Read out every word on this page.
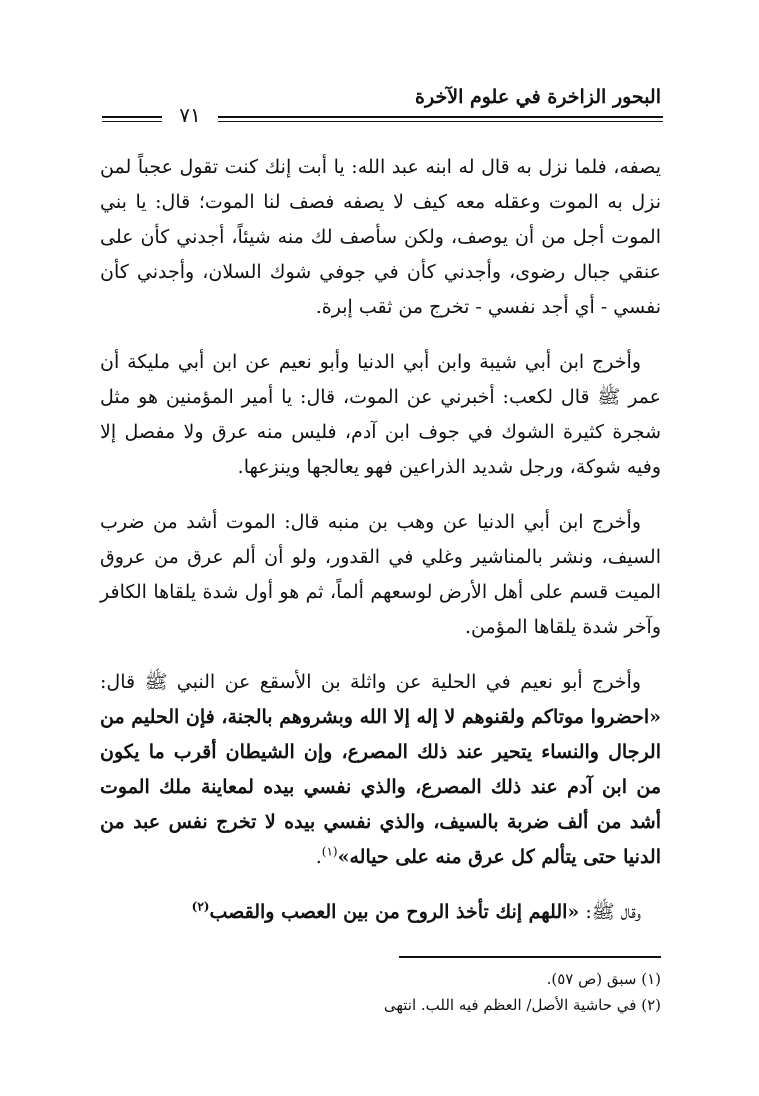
البحور الزاخرة في علوم الآخرة
٧١

يصفه، فلما نزل به قال له ابنه عبد الله: يا أبت إنك كنت تقول عجباً لمن نزل به الموت وعقله معه كيف لا يصفه فصف لنا الموت؛ قال: يا بني الموت أجل من أن يوصف، ولكن سأصف لك منه شيئاً، أجدني كأن على عنقي جبال رضوى، وأجدني كأن في جوفي شوك السلان، وأجدني كأن نفسي - أي أجد نفسي - تخرج من ثقب إبرة.

وأخرج ابن أبي شيبة وابن أبي الدنيا وأبو نعيم عن ابن أبي مليكة أن عمر ﷺ قال لكعب: أخبرني عن الموت، قال: يا أمير المؤمنين هو مثل شجرة كثيرة الشوك في جوف ابن آدم، فليس منه عرق ولا مفصل إلا وفيه شوكة، ورجل شديد الذراعين فهو يعالجها وينزعها.

وأخرج ابن أبي الدنيا عن وهب بن منبه قال: الموت أشد من ضرب السيف، ونشر بالمناشير وغلي في القدور، ولو أن ألم عرق من عروق الميت قسم على أهل الأرض لوسعهم ألماً، ثم هو أول شدة يلقاها الكافر وآخر شدة يلقاها المؤمن.

وأخرج أبو نعيم في الحلية عن واثلة بن الأسقع عن النبي ﷺ قال: «احضروا موتاكم ولقنوهم لا إله إلا الله وبشروهم بالجنة، فإن الحليم من الرجال والنساء يتحير عند ذلك المصرع، وإن الشيطان أقرب ما يكون من ابن آدم عند ذلك المصرع، والذي نفسي بيده لمعاينة ملك الموت أشد من ألف ضربة بالسيف، والذي نفسي بيده لا تخرج نفس عبد من الدنيا حتى يتألم كل عرق منه على حياله»$^{(١)}$.

وقال ﷺ: «اللهم إنك تأخذ الروح من بين العصب والقصب$^{(٢)}$

(١) سبق (ص ٥٧).
(٢) في حاشية الأصل/ العظم فيه اللب. انتهى
